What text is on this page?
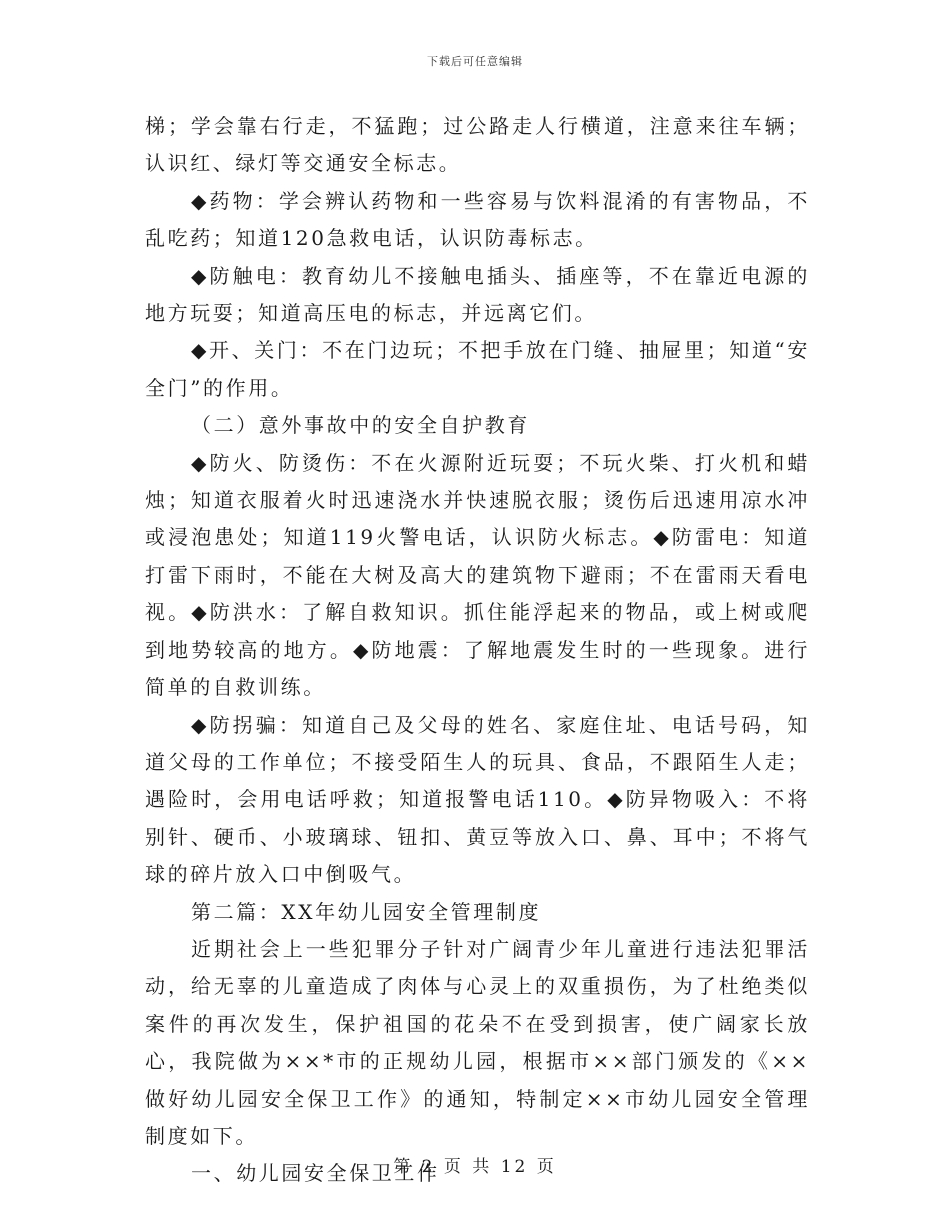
下载后可任意编辑

梯；学会靠右行走，不猛跑；过公路走人行横道，注意来往车辆；认识红、绿灯等交通安全标志。

◆药物：学会辨认药物和一些容易与饮料混淆的有害物品，不乱吃药；知道120急救电话，认识防毒标志。

◆防触电：教育幼儿不接触电插头、插座等，不在靠近电源的地方玩耍；知道高压电的标志，并远离它们。

◆开、关门：不在门边玩；不把手放在门缝、抽屉里；知道“安全门”的作用。

（二）意外事故中的安全自护教育

◆防火、防烫伤：不在火源附近玩耍；不玩火柴、打火机和蜡烛；知道衣服着火时迅速浇水并快速脱衣服；烫伤后迅速用凉水冲或浸泡患处；知道119火警电话，认识防火标志。◆防雷电：知道打雷下雨时，不能在大树及高大的建筑物下避雨；不在雷雨天看电视。◆防洪水：了解自救知识。抓住能浮起来的物品，或上树或爬到地势较高的地方。◆防地震：了解地震发生时的一些现象。进行简单的自救训练。

◆防拐骗：知道自己及父母的姓名、家庭住址、电话号码，知道父母的工作单位；不接受陌生人的玩具、食品，不跟陌生人走；遇险时，会用电话呼救；知道报警电话110。◆防异物吸入：不将别针、硬币、小玻璃球、钮扣、黄豆等放入口、鼻、耳中；不将气球的碎片放入口中倒吸气。

第二篇：XX年幼儿园安全管理制度

近期社会上一些犯罪分子针对广阔青少年儿童进行违法犯罪活动，给无辜的儿童造成了肉体与心灵上的双重损伤，为了杜绝类似案件的再次发生，保护祖国的花朵不在受到损害，使广阔家长放心，我院做为××*市的正规幼儿园，根据市××部门颁发的《××做好幼儿园安全保卫工作》的通知，特制定××市幼儿园安全管理制度如下。

一、幼儿园安全保卫工作

第 2 页 共 12 页
